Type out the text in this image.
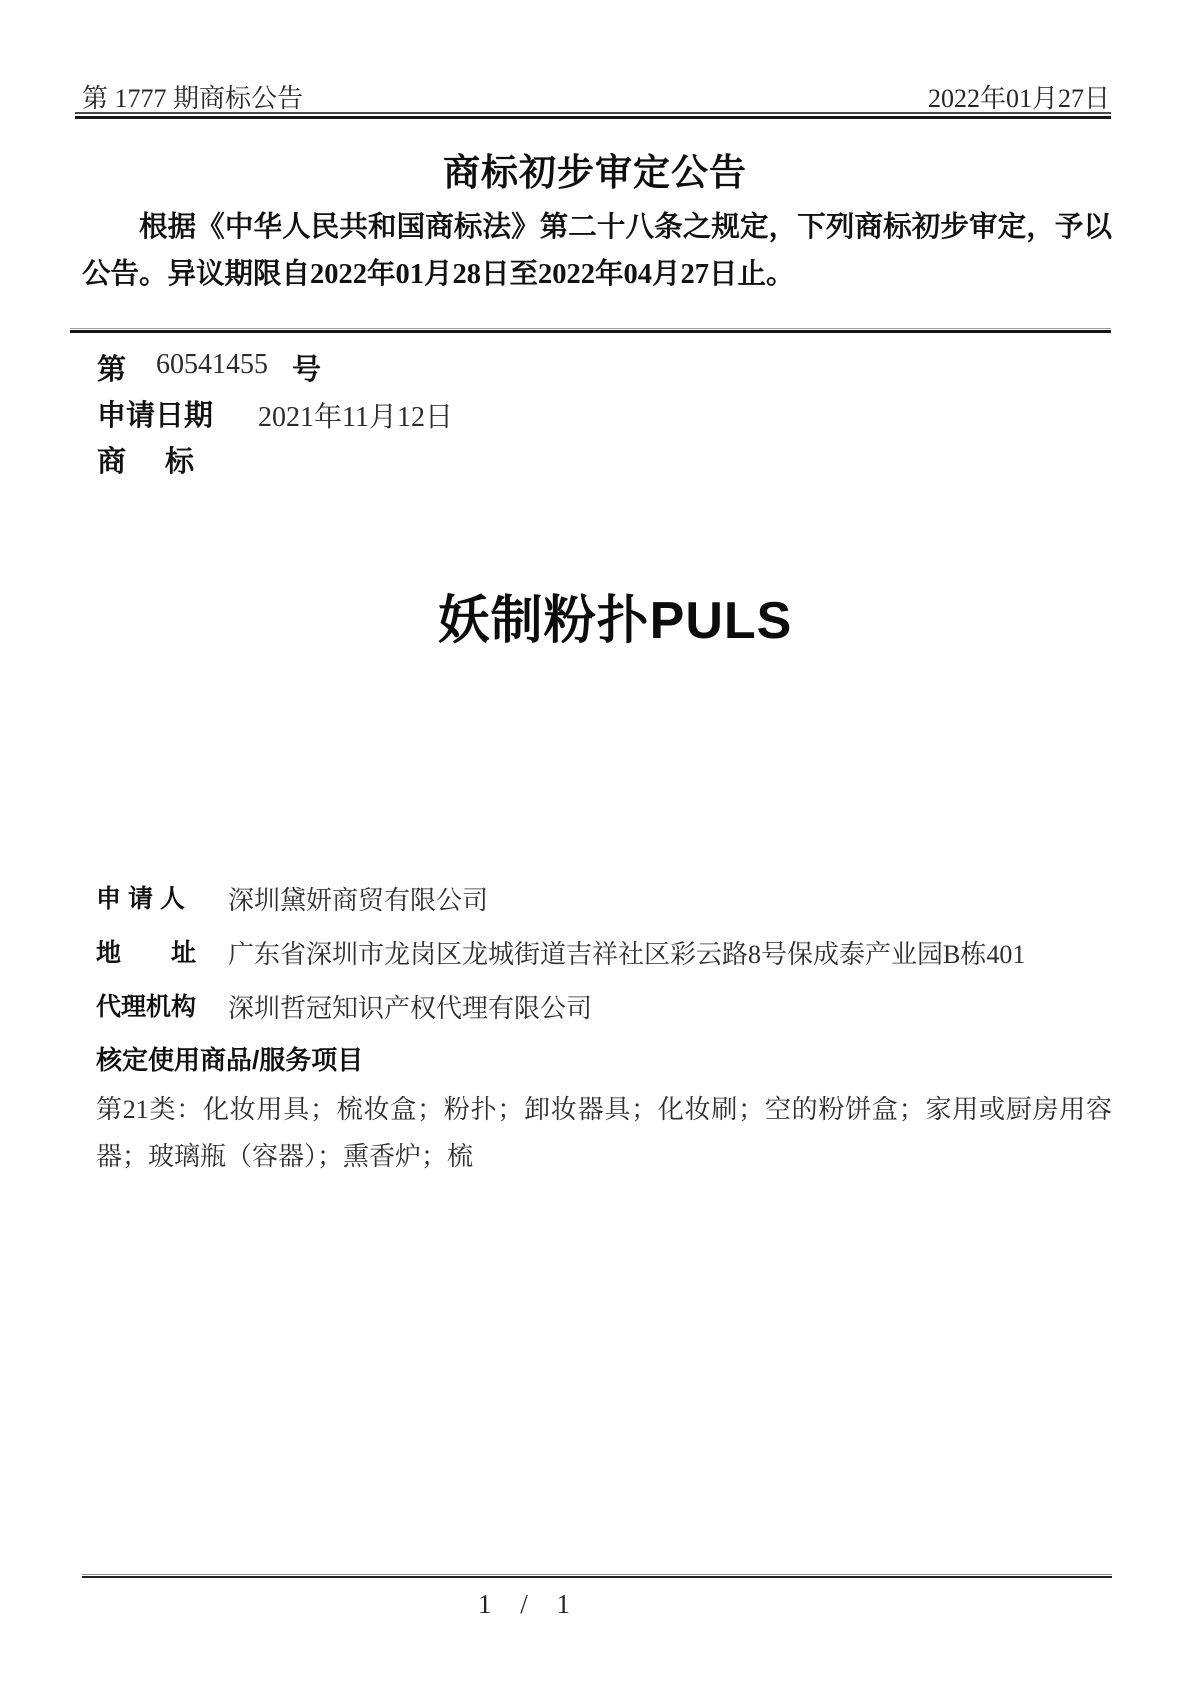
第 1777 期商标公告	2022年01月27日
商标初步审定公告
根据《中华人民共和国商标法》第二十八条之规定，下列商标初步审定，予以公告。异议期限自2022年01月28日至2022年04月27日止。
第 60541455 号
申请日期 2021年11月12日
商 标
妖制粉扑PULS
申 请 人 深圳黛妍商贸有限公司
地 址 广东省深圳市龙岗区龙城街道吉祥社区彩云路8号保成泰产业园B栋401
代理机构 深圳哲冠知识产权代理有限公司
核定使用商品/服务项目
第21类：化妆用具；梳妆盒；粉扑；卸妆器具；化妆刷；空的粉饼盒；家用或厨房用容器；玻璃瓶（容器）；熏香炉；梳
1 / 1
